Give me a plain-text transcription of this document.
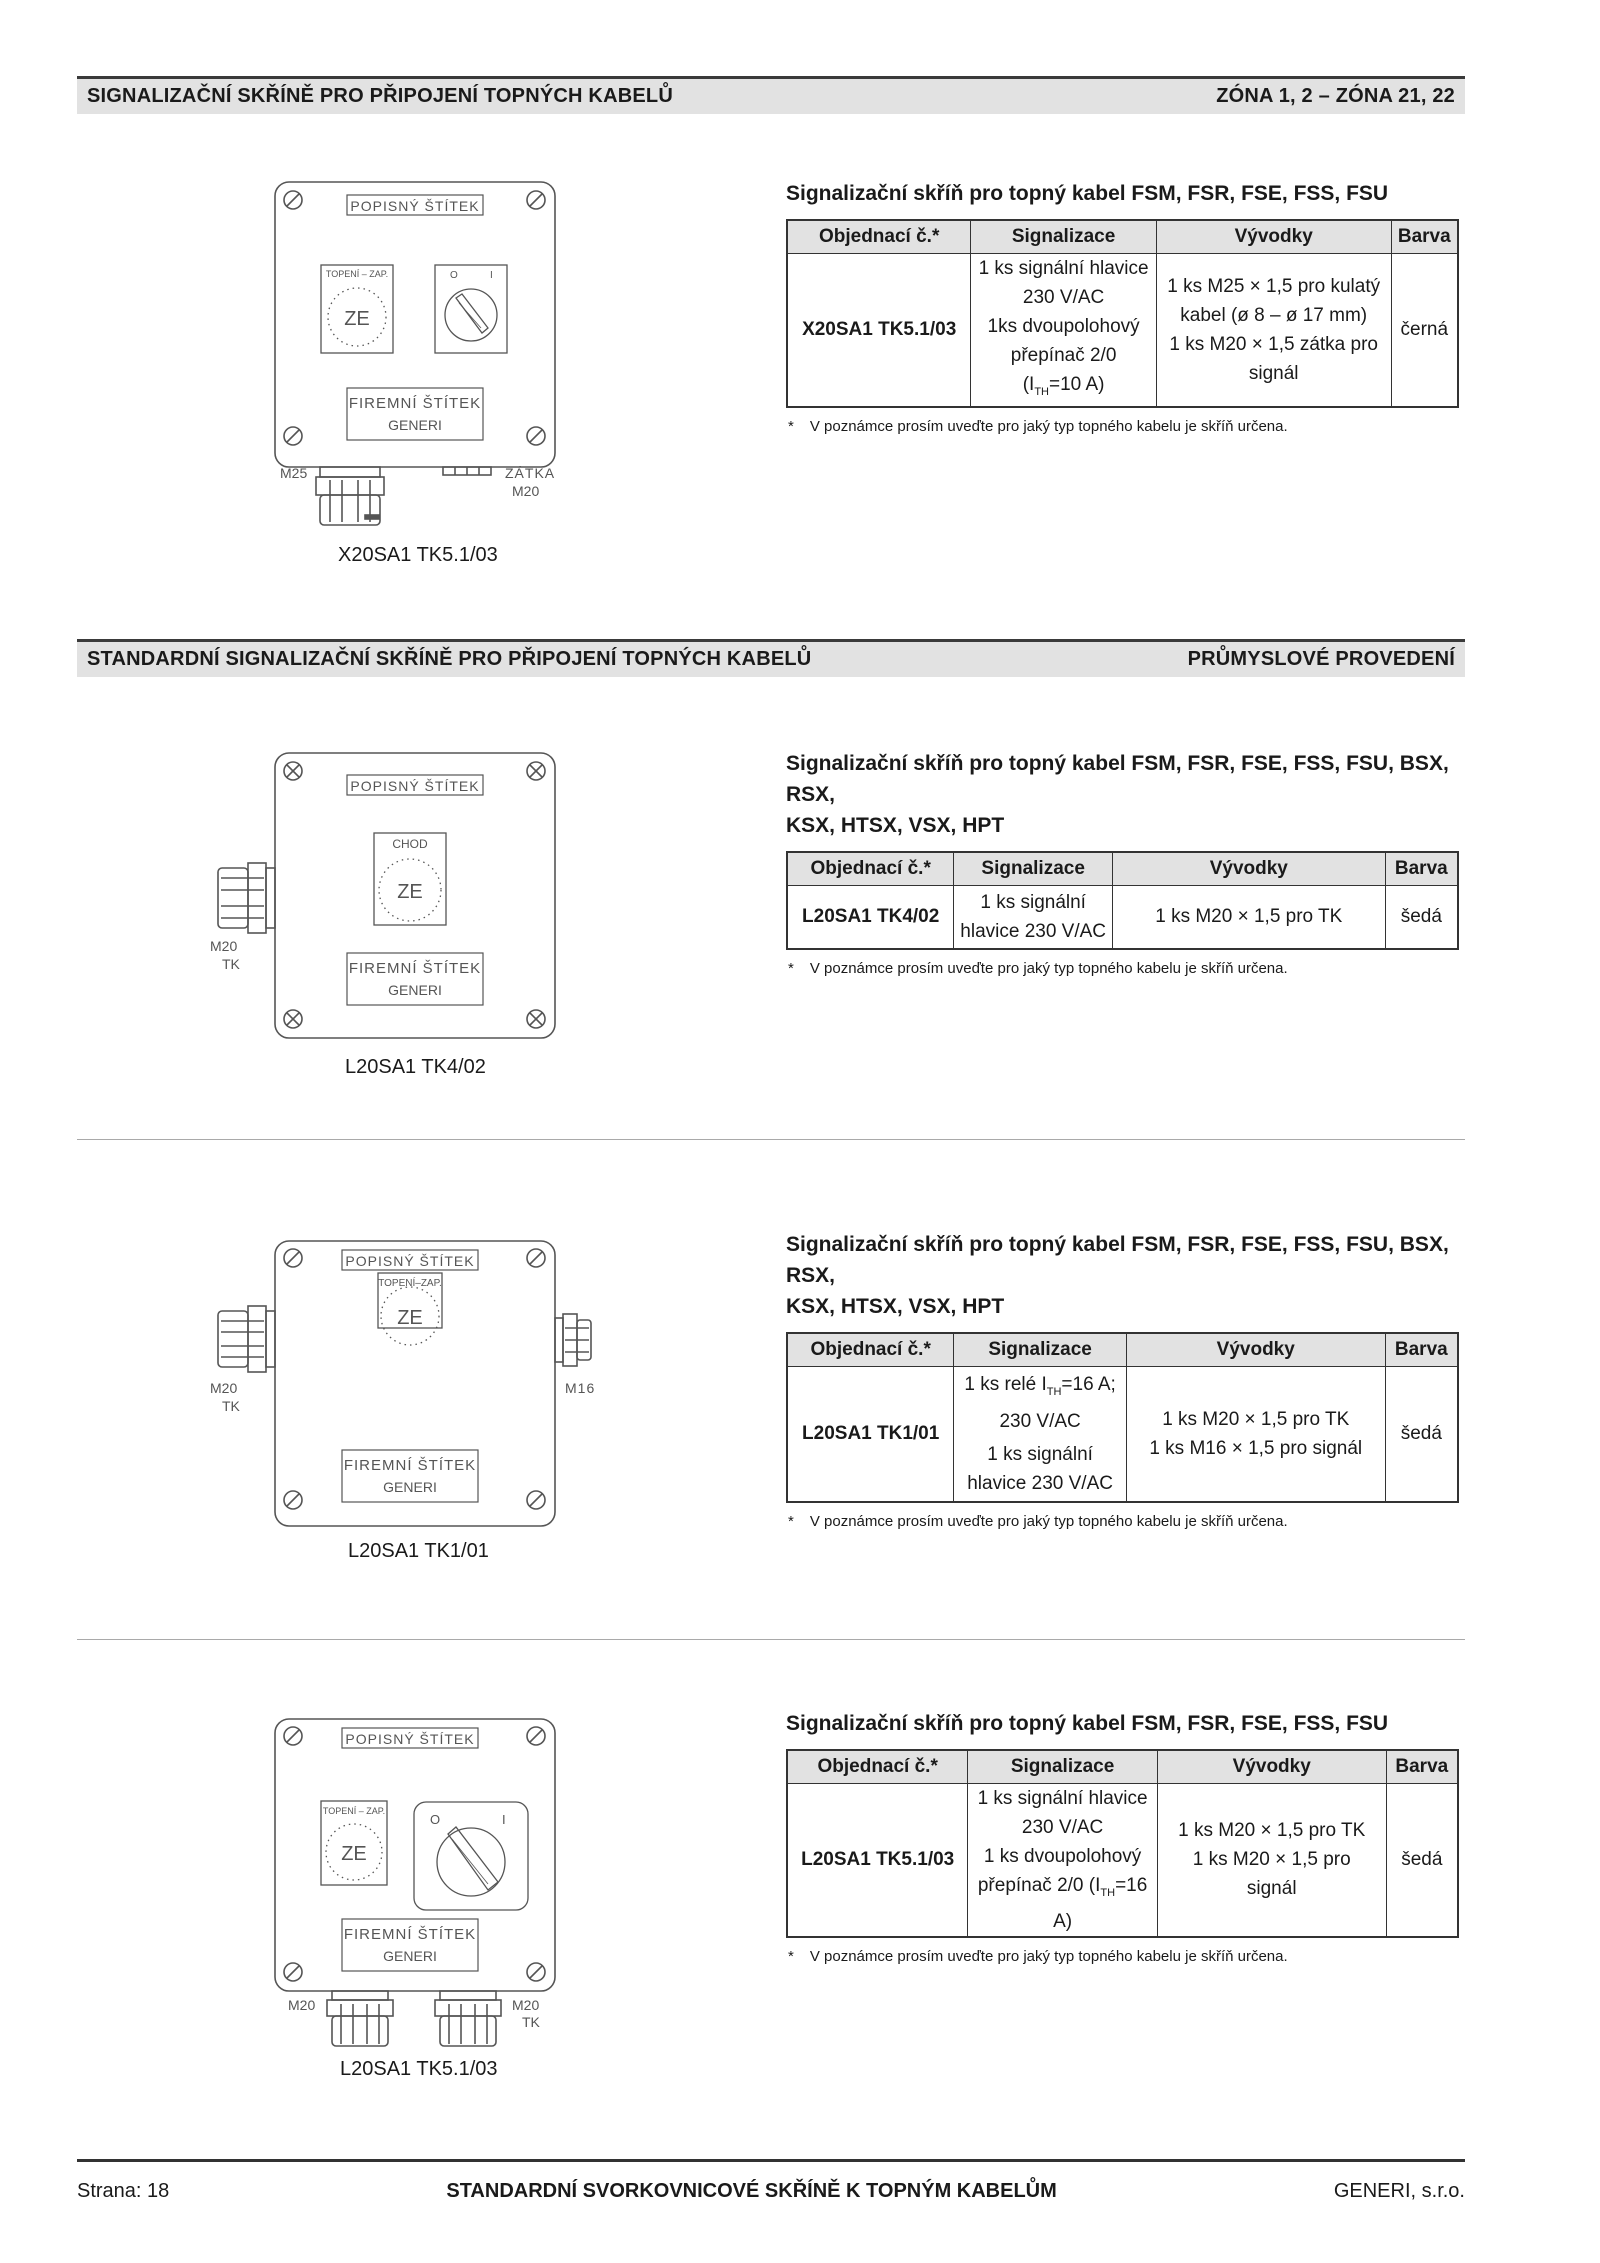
SIGNALIZAČNÍ SKŘÍNĚ PRO PŘIPOJENÍ TOPNÝCH KABELŮ	ZÓNA 1, 2 – ZÓNA 21, 22
POPISNÝ ŠTÍTEK
TOPENÍ – ZAP.
ZE
O	I
FIREMNÍ ŠTÍTEK
GENERI
M25	ZÁTKA
M20
X20SA1 TK5.1/03
Signalizační skříň pro topný kabel FSM, FSR, FSE, FSS, FSU
Objednací č.*	Signalizace	Vývodky	Barva
X20SA1 TK5.1/03	1 ks signální hlavice
230 V/AC
1ks dvoupolohový
přepínač 2/0
($I_{TH}=10$ A)	1 ks M25 × 1,5 pro kulatý
kabel (ø 8 – ø 17 mm)
1 ks M20 × 1,5 zátka pro
signál	černá
* V poznámce prosím uveďte pro jaký typ topného kabelu je skříň určena.
STANDARDNÍ SIGNALIZAČNÍ SKŘÍNĚ PRO PŘIPOJENÍ TOPNÝCH KABELŮ	PRŮMYSLOVÉ PROVEDENÍ
POPISNÝ ŠTÍTEK
CHOD
ZE
FIREMNÍ ŠTÍTEK
GENERI
M20
TK
L20SA1 TK4/02
Signalizační skříň pro topný kabel FSM, FSR, FSE, FSS, FSU, BSX, RSX,
KSX, HTSX, VSX, HPT
Objednací č.*	Signalizace	Vývodky	Barva
L20SA1 TK4/02	1 ks signální
hlavice 230 V/AC	1 ks M20 × 1,5 pro TK	šedá
* V poznámce prosím uveďte pro jaký typ topného kabelu je skříň určena.
POPISNÝ ŠTÍTEK
TOPENÍ–ZAP.
ZE
FIREMNÍ ŠTÍTEK
GENERI
M20
TK
M16
L20SA1 TK1/01
Signalizační skříň pro topný kabel FSM, FSR, FSE, FSS, FSU, BSX, RSX,
KSX, HTSX, VSX, HPT
Objednací č.*	Signalizace	Vývodky	Barva
L20SA1 TK1/01	1 ks relé $I_{TH}=16$ A;
230 V/AC
1 ks signální
hlavice 230 V/AC	1 ks M20 × 1,5 pro TK
1 ks M16 × 1,5 pro signál	šedá
* V poznámce prosím uveďte pro jaký typ topného kabelu je skříň určena.
POPISNÝ ŠTÍTEK
TOPENÍ – ZAP.
ZE
O	I
FIREMNÍ ŠTÍTEK
GENERI
M20	M20
TK
L20SA1 TK5.1/03
Signalizační skříň pro topný kabel FSM, FSR, FSE, FSS, FSU
Objednací č.*	Signalizace	Vývodky	Barva
L20SA1 TK5.1/03	1 ks signální hlavice
230 V/AC
1 ks dvoupolohový
přepínač 2/0 ($I_{TH}=16$ A)	1 ks M20 × 1,5 pro TK
1 ks M20 × 1,5 pro
signál	šedá
* V poznámce prosím uveďte pro jaký typ topného kabelu je skříň určena.
Strana: 18	STANDARDNÍ SVORKOVNICOVÉ SKŘÍNĚ K TOPNÝM KABELŮM	GENERI, s.r.o.
